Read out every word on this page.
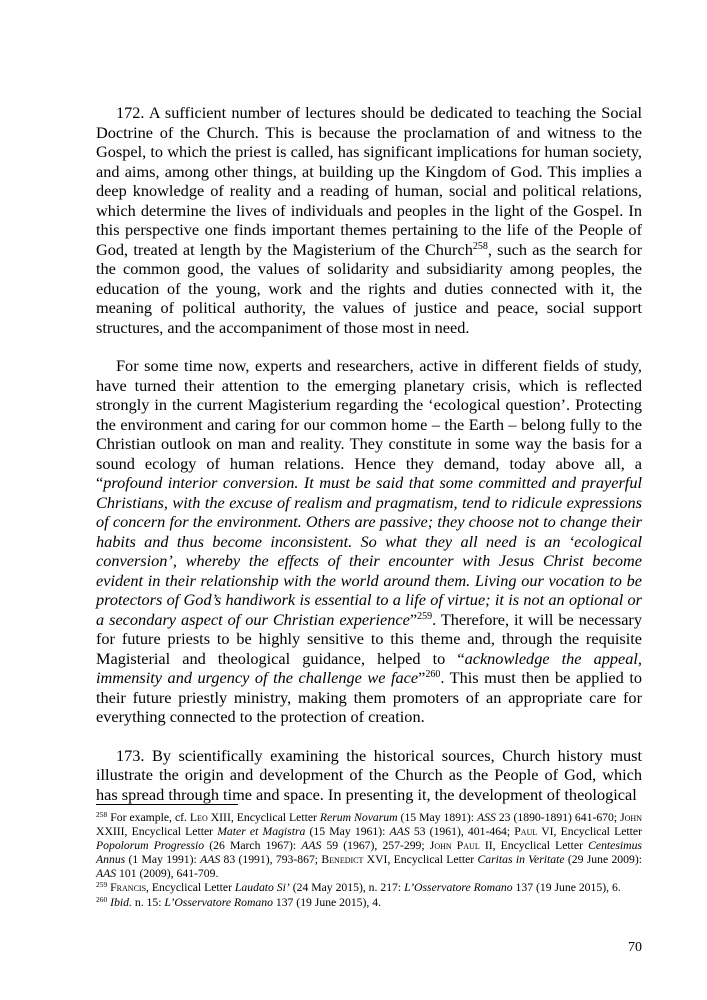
172. A sufficient number of lectures should be dedicated to teaching the Social Doctrine of the Church. This is because the proclamation of and witness to the Gospel, to which the priest is called, has significant implications for human society, and aims, among other things, at building up the Kingdom of God. This implies a deep knowledge of reality and a reading of human, social and political relations, which determine the lives of individuals and peoples in the light of the Gospel. In this perspective one finds important themes pertaining to the life of the People of God, treated at length by the Magisterium of the Church$^{258}$, such as the search for the common good, the values of solidarity and subsidiarity among peoples, the education of the young, work and the rights and duties connected with it, the meaning of political authority, the values of justice and peace, social support structures, and the accompaniment of those most in need.

For some time now, experts and researchers, active in different fields of study, have turned their attention to the emerging planetary crisis, which is reflected strongly in the current Magisterium regarding the ‘ecological question’. Protecting the environment and caring for our common home – the Earth – belong fully to the Christian outlook on man and reality. They constitute in some way the basis for a sound ecology of human relations. Hence they demand, today above all, a “profound interior conversion. It must be said that some committed and prayerful Christians, with the excuse of realism and pragmatism, tend to ridicule expressions of concern for the environment. Others are passive; they choose not to change their habits and thus become inconsistent. So what they all need is an ‘ecological conversion’, whereby the effects of their encounter with Jesus Christ become evident in their relationship with the world around them. Living our vocation to be protectors of God’s handiwork is essential to a life of virtue; it is not an optional or a secondary aspect of our Christian experience”$^{259}$. Therefore, it will be necessary for future priests to be highly sensitive to this theme and, through the requisite Magisterial and theological guidance, helped to “acknowledge the appeal, immensity and urgency of the challenge we face”$^{260}$. This must then be applied to their future priestly ministry, making them promoters of an appropriate care for everything connected to the protection of creation.

173. By scientifically examining the historical sources, Church history must illustrate the origin and development of the Church as the People of God, which has spread through time and space. In presenting it, the development of theological

$^{258}$ For example, cf. Leo XIII, Encyclical Letter Rerum Novarum (15 May 1891): ASS 23 (1890-1891) 641-670; John XXIII, Encyclical Letter Mater et Magistra (15 May 1961): AAS 53 (1961), 401-464; Paul VI, Encyclical Letter Popolorum Progressio (26 March 1967): AAS 59 (1967), 257-299; John Paul II, Encyclical Letter Centesimus Annus (1 May 1991): AAS 83 (1991), 793-867; Benedict XVI, Encyclical Letter Caritas in Veritate (29 June 2009): AAS 101 (2009), 641-709.

$^{259}$ Francis, Encyclical Letter Laudato Si’ (24 May 2015), n. 217: L’Osservatore Romano 137 (19 June 2015), 6.

$^{260}$ Ibid. n. 15: L’Osservatore Romano 137 (19 June 2015), 4.

70
